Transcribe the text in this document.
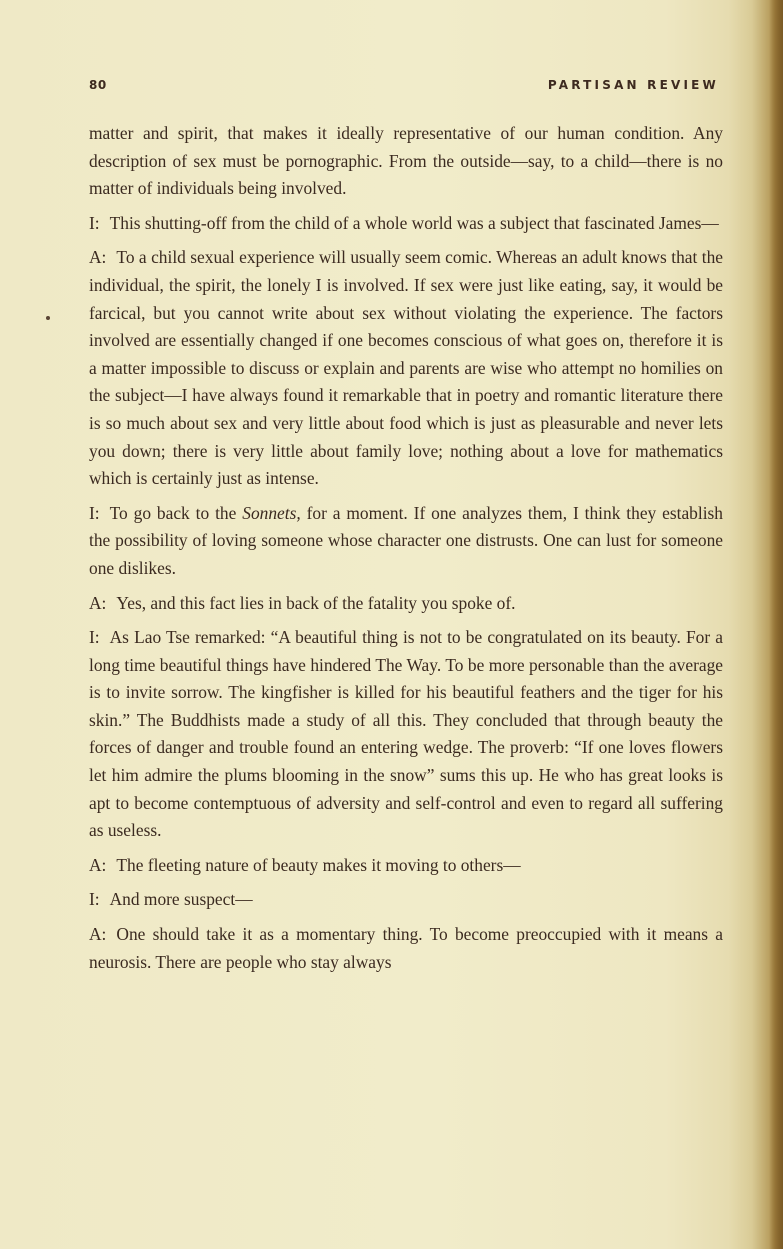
80	PARTISAN REVIEW

matter and spirit, that makes it ideally representative of our human condition. Any description of sex must be pornographic. From the outside—say, to a child—there is no matter of individuals being involved.

I: This shutting-off from the child of a whole world was a subject that fascinated James—

A: To a child sexual experience will usually seem comic. Whereas an adult knows that the individual, the spirit, the lonely I is involved. If sex were just like eating, say, it would be farcical, but you cannot write about sex without violating the experience. The factors involved are essentially changed if one becomes conscious of what goes on, therefore it is a matter impossible to discuss or explain and parents are wise who attempt no homilies on the subject—I have always found it remarkable that in poetry and romantic literature there is so much about sex and very little about food which is just as pleasurable and never lets you down; there is very little about family love; nothing about a love for mathematics which is certainly just as intense.

I: To go back to the Sonnets, for a moment. If one analyzes them, I think they establish the possibility of loving someone whose character one distrusts. One can lust for someone one dislikes.

A: Yes, and this fact lies in back of the fatality you spoke of.

I: As Lao Tse remarked: “A beautiful thing is not to be congratulated on its beauty. For a long time beautiful things have hindered The Way. To be more personable than the average is to invite sorrow. The kingfisher is killed for his beautiful feathers and the tiger for his skin.” The Buddhists made a study of all this. They concluded that through beauty the forces of danger and trouble found an entering wedge. The proverb: “If one loves flowers let him admire the plums blooming in the snow” sums this up. He who has great looks is apt to become contemptuous of adversity and self-control and even to regard all suffering as useless.

A: The fleeting nature of beauty makes it moving to others—

I: And more suspect—

A: One should take it as a momentary thing. To become preoccupied with it means a neurosis. There are people who stay always
